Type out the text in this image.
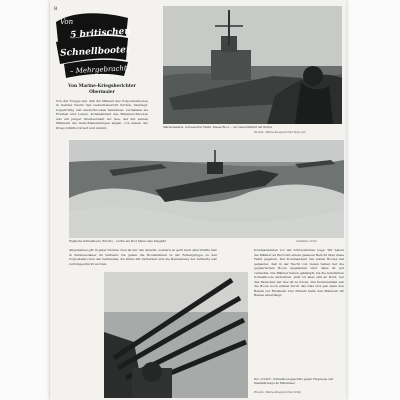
8
Von
5 britischen
Schnellbooten
– Mehrgebracht!
Von Marine-Kriegsberichter Obermaier
Von der Treppe her, daß die Männer des Vorpostenbootes in tiefster Nacht den Gefechtsbericht hörten, überlegt, folgerichtig und unerschrocken handelten, verdanken sie Freiheit und Leben. Kommandant des Minensuchbootes war ein junger Oberleutnant zur See, der mit seinen Männern die Gefechtsmeldungen abgab, von denen der Krieg Schiffe fordert und nimmt.	Marinemalerei: verbesserter Stand. Dieses Boot ... zur Gefechtsfahrt der Kutter
PK-Aufn.: Marine-Kriegsberichter Bode (Atl.)
Englische Schnellboote (M.G.B.) – rechts ein Boot hinter dem Steigfeld	Aufnahme: Archiv
Allgemeines gilt in jeder Stunde: Neu ist nur der Ansicht, sondern es geht nach aller Kräfte hier in Pensionsdauer im Verband. Da gehen die Bootsmänner in der Rollengruppe zu den Vorpostenbooten des Verbandes; die Küste mit Sicherheit und die Bemannung der Artillerie war zurückgeschickt worden.
Kommandanten vor der Schrecklichen Lage: Wir haben die Männer an Bord mit einem genauen Bericht über diese Fahrt gegeben. Der Kommandant des ersten Bootes hat gemeldet, daß in der Nacht von vielen Seiten her die gegnerischen Boote angelaufen sind. Alles ist gut verlaufen. Die Männer haben gekämpft, bis die feindlichen Schnellboote abdrehten. Jetzt ist alles still an Bord, nur das Rauschen der See ist zu hören. Der Kommandant sah die Boote noch einmal durch das Glas und gab dann den Befehl zur Rückkehr. Der Einsatz hatte den Männern ihr Bestes abverlangt.
Der „Vorhut", Schnellbootsgeschütz gegen Flugzeuge und Kleinfahrzeuge im Mittelmeer
PK-Aufn.: Marine-Kriegsberichter Schön
